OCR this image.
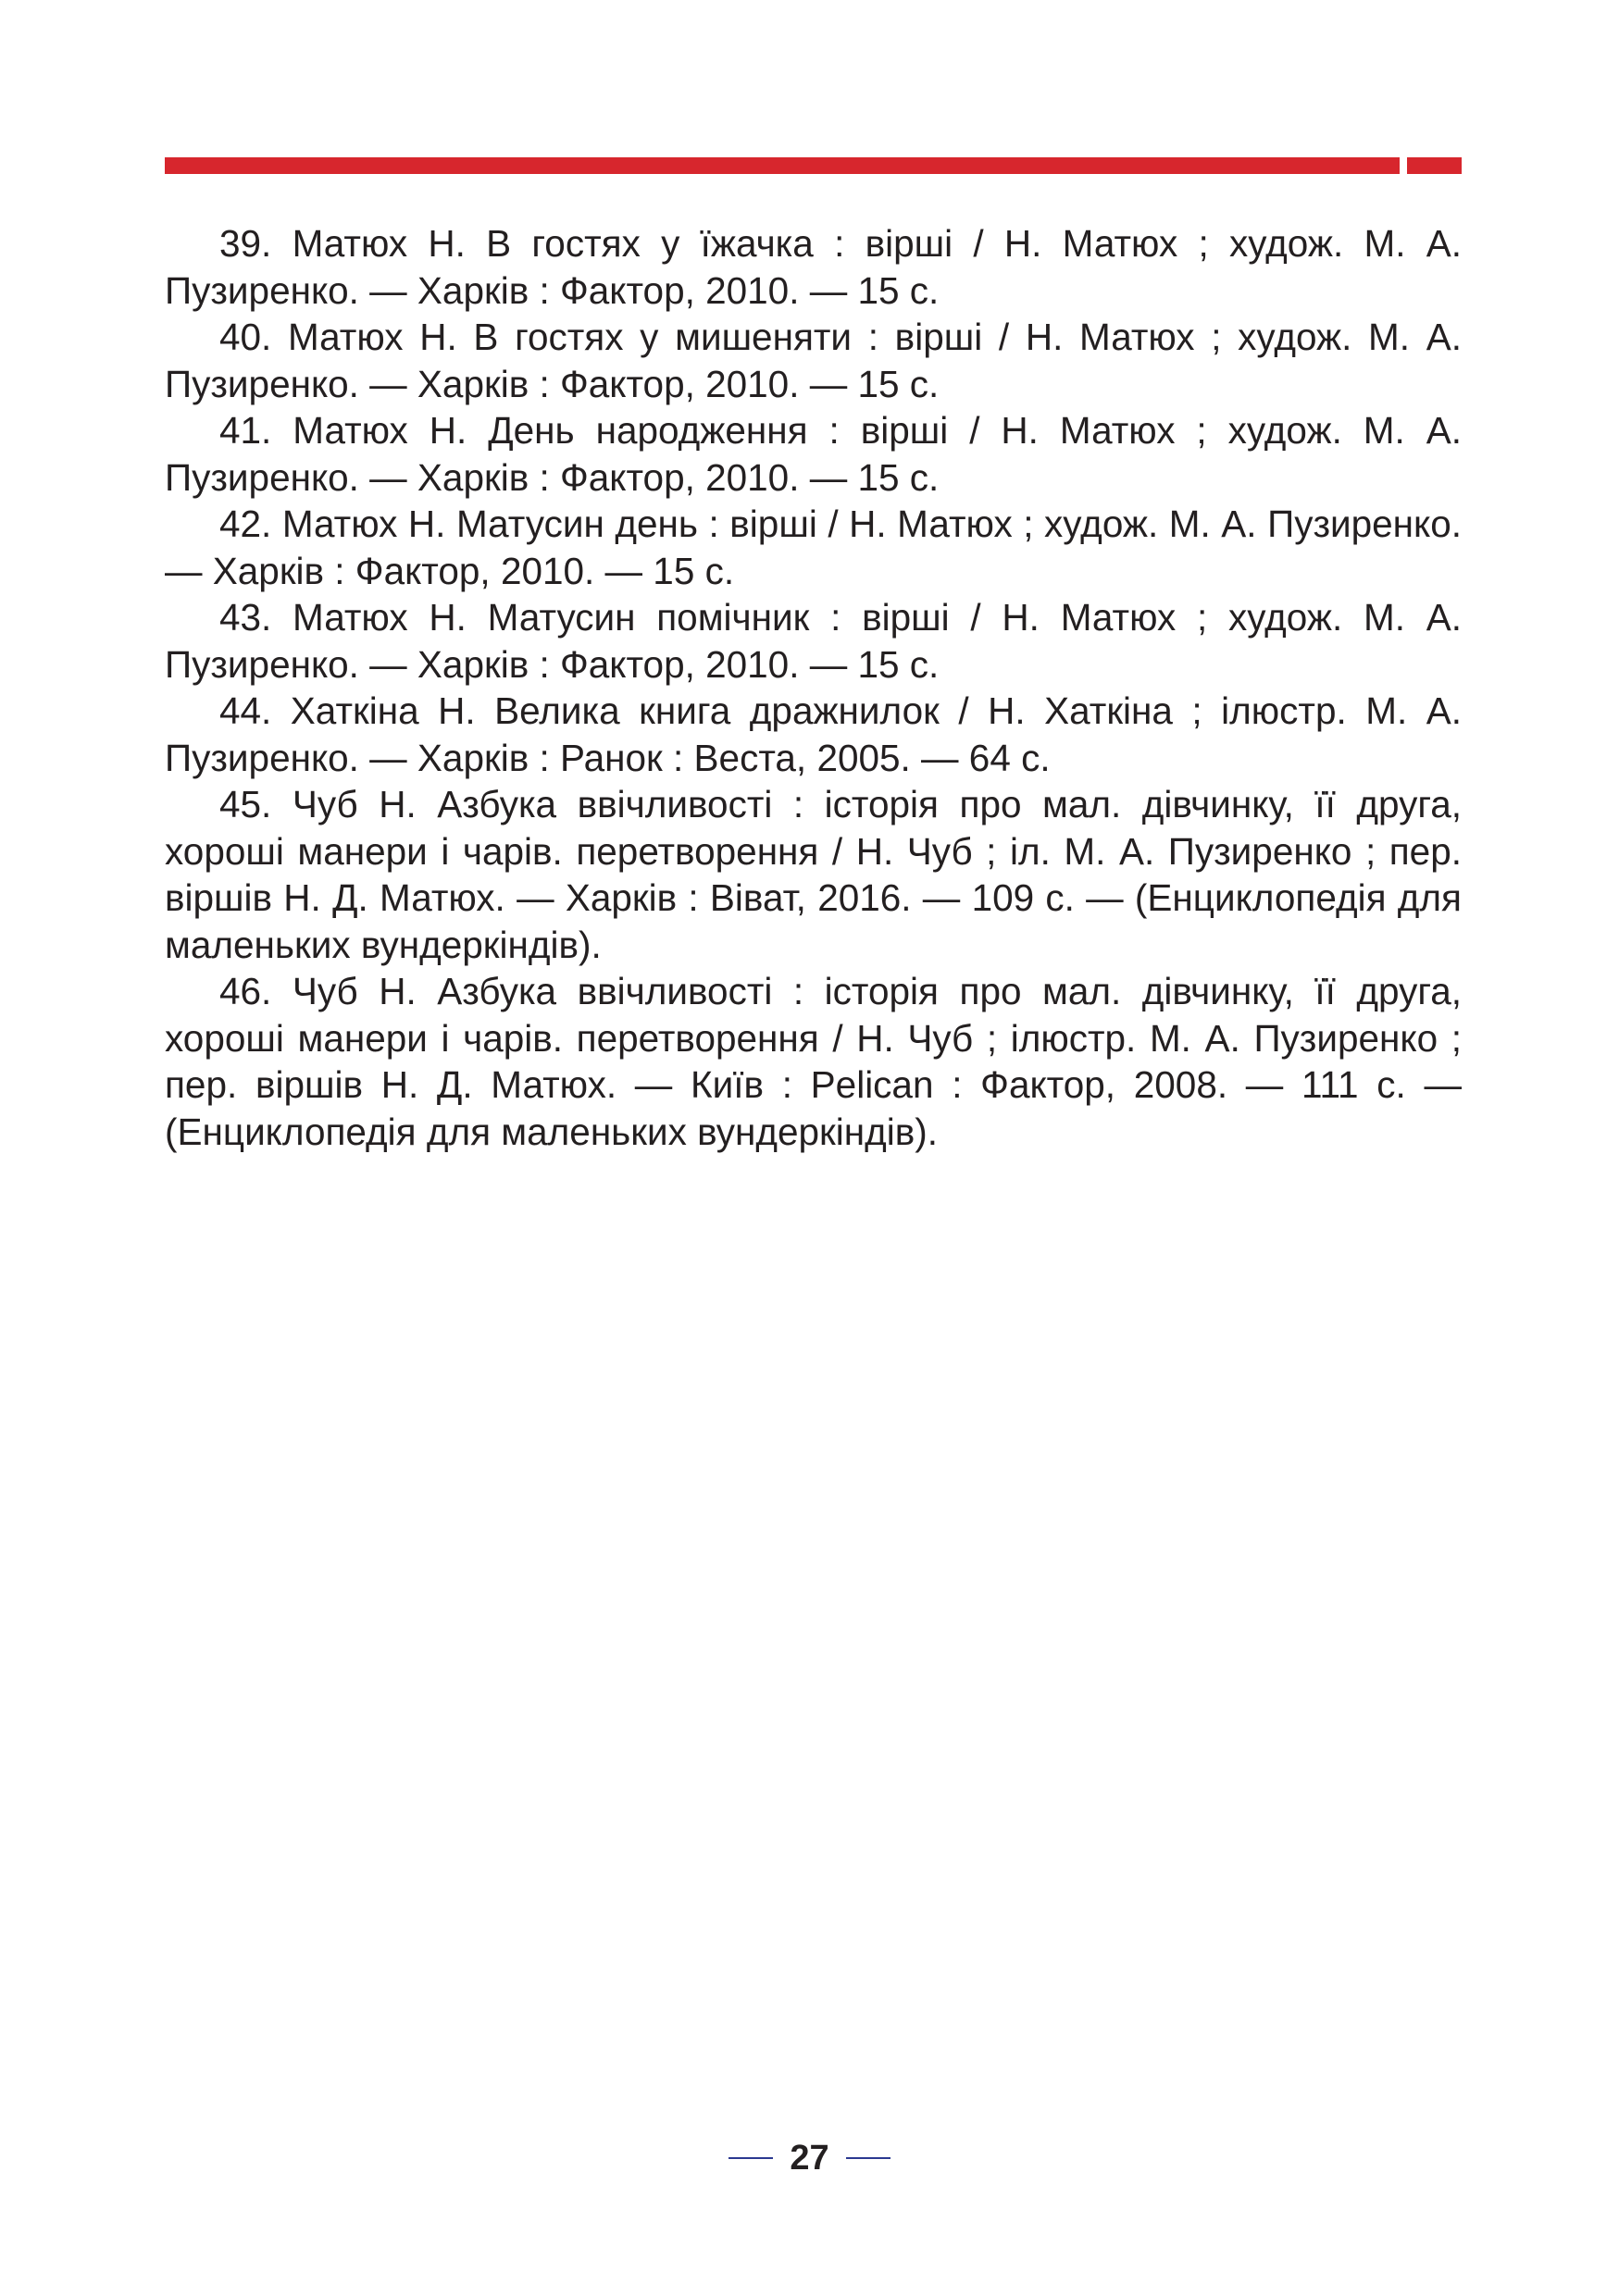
39. Матюх Н. В гостях у їжачка : вірші / Н. Матюх ; худож. М. А. Пузиренко. — Харків : Фактор, 2010. — 15 с.
40. Матюх Н. В гостях у мишеняти : вірші / Н. Матюх ; худож. М. А. Пузиренко. — Харків : Фактор, 2010. — 15 с.
41. Матюх Н. День народження : вірші / Н. Матюх ; худож. М. А. Пузиренко. — Харків : Фактор, 2010. — 15 с.
42. Матюх Н. Матусин день : вірші / Н. Матюх ; худож. М. А. Пузиренко. — Харків : Фактор, 2010. — 15 с.
43. Матюх Н. Матусин помічник : вірші / Н. Матюх ; худож. М. А. Пузиренко. — Харків : Фактор, 2010. — 15 с.
44. Хаткіна Н. Велика книга дражнилок / Н. Хаткіна ; ілюстр. М. А. Пузиренко. — Харків : Ранок : Веста, 2005. — 64 с.
45. Чуб Н. Азбука ввічливості : історія про мал. дівчинку, її друга, хороші манери і чарів. перетворення / Н. Чуб ; іл. М. А. Пузиренко ; пер. віршів Н. Д. Матюх. — Харків : Віват, 2016. — 109 с. — (Енциклопедія для маленьких вундеркіндів).
46. Чуб Н. Азбука ввічливості : історія про мал. дівчинку, її друга, хороші манери і чарів. перетворення / Н. Чуб ; ілюстр. М. А. Пузиренко ; пер. віршів Н. Д. Матюх. — Київ : Pelican : Фактор, 2008. — 111 с. — (Енциклопедія для маленьких вундеркіндів).
27
